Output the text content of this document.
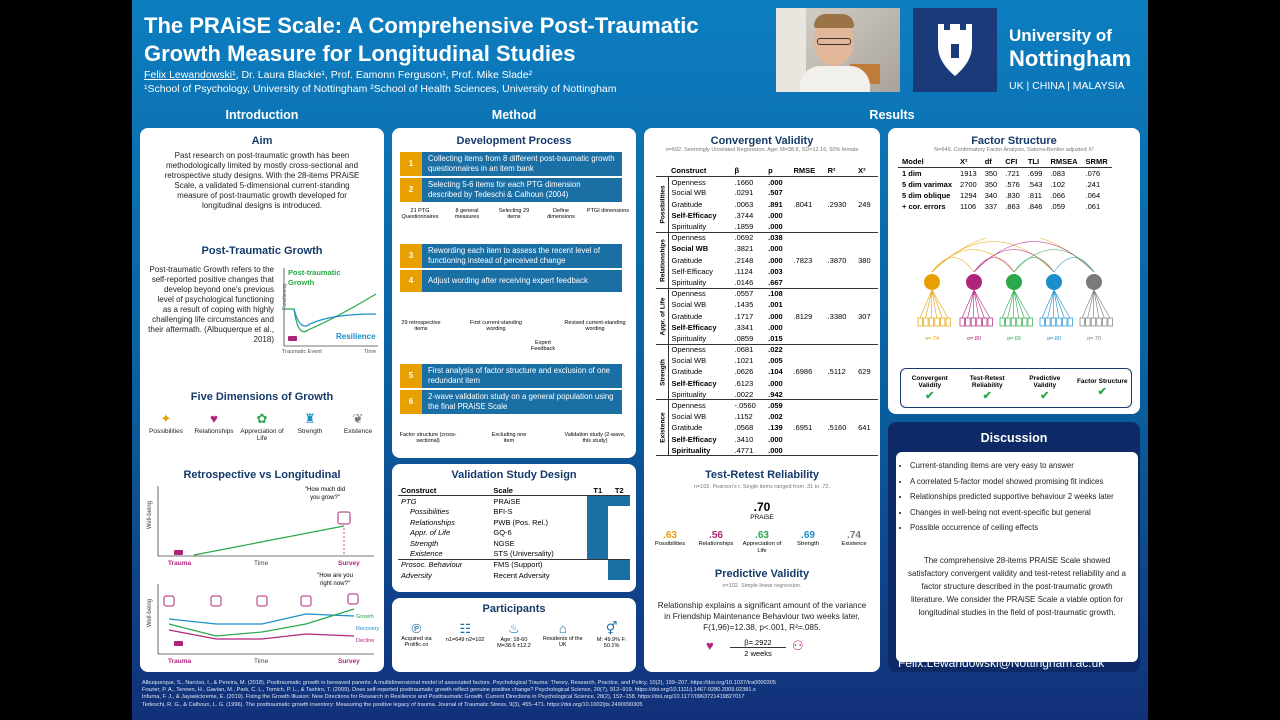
The PRAiSE Scale: A Comprehensive Post-Traumatic Growth Measure for Longitudinal Studies
Felix Lewandowski¹, Dr. Laura Blackie¹, Prof. Eamonn Ferguson¹, Prof. Mike Slade²
¹School of Psychology, University of Nottingham ²School of Health Sciences, University of Nottingham
University of
Nottingham
UK | CHINA | MALAYSIA
Introduction	Method	Results
Aim
Past research on post-traumatic growth has been methodologically limited by mostly cross-sectional and retrospective study designs. With the 28-items PRAiSE Scale, a validated 5-dimensional current-standing measure of post-traumatic growth developed for longitudinal designs is introduced.
Post-Traumatic Growth
Post-traumatic Growth refers to the self-reported positive changes that develop beyond one's previous level of psychological functioning as a result of coping with highly challenging life circumstances and their aftermath. (Albuquerque et al., 2018)
Functioning
Post-traumatic Growth
Resilience
Traumatic Event	Time
Five Dimensions of Growth
✦
Possibilities
♥
Relationships
✿
Appreciation of Life
♜
Strength
❦
Existence
Retrospective vs Longitudinal
Well-being
Well-being
"How much did you grow?"
"How are you right now?"
Trauma	Time	Survey
Trauma	Time	Survey
Growth
Recovery
Decline
Development Process
1
Collecting items from 8 different post-traumatic growth questionnaires in an item bank
2
Selecting 5-6 items for each PTG dimension described by Tedeschi & Calhoun (2004)
21 PTG Questionnaires
8 general measures
Selecting 29 items
Define dimensions
PTGI dimensions
3
Rewording each item to assess the recent level of functioning instead of perceived change
4	Adjust wording after receiving expert feedback
29 retrospective items
First current-standing wording
Expert Feedback
Revised current-standing wording
5
First analysis of factor structure and exclusion of one redundant item
6
2-wave validation study on a general population using the final PRAiSE Scale
Factor structure (cross-sectional)
Excluding one item
Validation study (2-wave, this study)
Validation Study Design
Construct	Scale	T1	T2
PTG	PRAiSE		
Possibilities	BFI-S		
Relationships	PWB (Pos. Rel.)		
Appr. of Life	GQ-6		
Strength	NGSE		
Existence	STS (Universality)		
Prosoc. Behaviour	FMS (Support)		
Adversity	Recent Adversity		
Participants
℗
Acquired via Prolific.co
☷
n1=649 n2=102
♨
Age: 18-60 M=38.6 ±12.2
⌂
Residents of the UK
⚥
M: 49.9% F: 50.1%
Convergent Validity
n=602. Seemingly Unrelated Regression. Age: M=38.8, SD=12.16, 50% female
	Construct	β	p	RMSE	R²	X²

Possibilities	Openness	.1660	.000	.8041	.2930	249
	Social WB	.0291	.507			
	Gratitude	.0063	.891			
	Self-Efficacy	.3744	.000			
	Spirituality	.1859	.000			

Relationships	Openness	.0692	.038	.7823	.3870	380
	Social WB	.3821	.000			
	Gratitude	.2148	.000			
	Self-Efficacy	.1124	.003			
	Spirituality	.0146	.667			

Appr. of Life	Openness	.0557	.108	.8129	.3380	307
	Social WB	.1435	.001			
	Gratitude	.1717	.000			
	Self-Efficacy	.3341	.000			
	Spirituality	.0859	.015			

Strength	Openness	.0681	.022	.6986	.5112	629
	Social WB	.1021	.005			
	Gratitude	.0626	.104			
	Self-Efficacy	.6123	.000			
	Spirituality	.0022	.942			

Existence	Openness	-.0560	.059	.6951	.5160	641
	Social WB	.1152	.002			
	Gratitude	.0568	.139			
	Self-Efficacy	.3410	.000			
	Spirituality	.4771	.000			
Test-Retest Reliability
n=102. Pearson's r. Single items ranged from .31 to .72.
.70
PRAiSE
.63
Possibilities
.56
Relationships
.63
Appreciation of Life
.69
Strength
.74
Existence
Predictive Validity
n=102. Simple linear regression.
Relationship explains a significant amount of the variance in Friendship Maintenance Behaviour two weeks later, F(1,96)=12.38, p<.001, R²=.085.
♥	β=.2922
2 weeks
⚇
Factor Structure
N=649. Confirmatory Factor Analysis, Satorra-Bentler adjusted X²
Model	X²	df	CFI	TLI	RMSEA	SRMR
1 dim	1913	350	.721	.699	.083	.076
5 dim varimax	2700	350	.576	.543	.102	.241
5 dim oblique	1294	340	.830	.811	.066	.064
+ cor. errors	1106	337	.863	.846	.059	.061
α=.74	α=.80	α=.65	α=.80	α=.70
Convergent Validity
✔
Test-Retest Reliability
✔
Predictive Validity
✔
Factor Structure
✔
Discussion
• Current-standing items are very easy to answer
• A correlated 5-factor model showed promising fit indices
• Relationships predicted supportive behaviour 2 weeks later
• Changes in well-being not event-specific but general
• Possible occurrence of ceiling effects
The comprehensive 28-items PRAiSE Scale showed satisfactory convergent validity and test-retest reliability and a factor structure described in the post-traumatic growth literature. We consider the PRAiSE Scale a viable option for longitudinal studies in the field of post-traumatic growth.
Contact me:
Felix.Lewandowski@Nottingham.ac.uk
Albuquerque, S., Narciso, I., & Pereira, M. (2018). Posttraumatic growth in bereaved parents: A multidimensional model of associated factors. Psychological Trauma: Theory, Research, Practice, and Policy, 10(2), 199–207. https://doi.org/10.1037/tra0000305
Frazier, P. A., Tennen, H., Gavian, M., Park, C. L., Tomich, P. L., & Tashiro, T. (2009). Does self-reported posttraumatic growth reflect genuine positive change? Psychological Science, 20(7), 912–919. https://doi.org/10.1111/j.1467-9280.2009.02381.x
Infurna, F. J., & Jayawickreme, E. (2019). Fixing the Growth Illusion: New Directions for Research in Resilience and Posttraumatic Growth. Current Directions in Psychological Science, 28(2), 152–158. https://doi.org/10.1177/0963721419827017
Tedeschi, R. G., & Calhoun, L. G. (1996). The posttraumatic growth inventory: Measuring the positive legacy of trauma. Journal of Traumatic Stress, 9(3), 455–471. https://doi.org/10.1002/jts.2490090305
